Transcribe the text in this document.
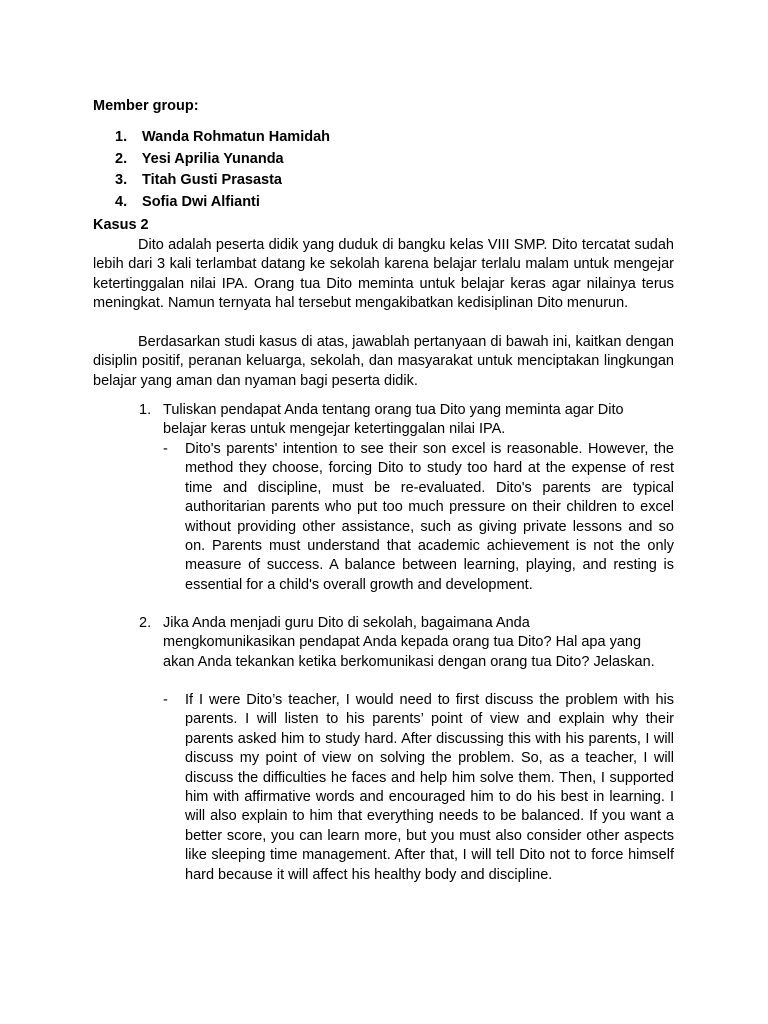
Member group:

1. Wanda Rohmatun Hamidah
2. Yesi Aprilia Yunanda
3. Titah Gusti Prasasta
4. Sofia Dwi Alfianti

Kasus 2

Dito adalah peserta didik yang duduk di bangku kelas VIII SMP. Dito tercatat sudah lebih dari 3 kali terlambat datang ke sekolah karena belajar terlalu malam untuk mengejar ketertinggalan nilai IPA. Orang tua Dito meminta untuk belajar keras agar nilainya terus meningkat. Namun ternyata hal tersebut mengakibatkan kedisiplinan Dito menurun.

Berdasarkan studi kasus di atas, jawablah pertanyaan di bawah ini, kaitkan dengan disiplin positif, peranan keluarga, sekolah, dan masyarakat untuk menciptakan lingkungan belajar yang aman dan nyaman bagi peserta didik.

1. Tuliskan pendapat Anda tentang orang tua Dito yang meminta agar Dito belajar keras untuk mengejar ketertinggalan nilai IPA.
- Dito's parents' intention to see their son excel is reasonable. However, the method they choose, forcing Dito to study too hard at the expense of rest time and discipline, must be re-evaluated. Dito's parents are typical authoritarian parents who put too much pressure on their children to excel without providing other assistance, such as giving private lessons and so on. Parents must understand that academic achievement is not the only measure of success. A balance between learning, playing, and resting is essential for a child's overall growth and development.
2. Jika Anda menjadi guru Dito di sekolah, bagaimana Anda mengkomunikasikan pendapat Anda kepada orang tua Dito? Hal apa yang akan Anda tekankan ketika berkomunikasi dengan orang tua Dito? Jelaskan.
- If I were Dito’s teacher, I would need to first discuss the problem with his parents. I will listen to his parents’ point of view and explain why their parents asked him to study hard. After discussing this with his parents, I will discuss my point of view on solving the problem. So, as a teacher, I will discuss the difficulties he faces and help him solve them. Then, I supported him with affirmative words and encouraged him to do his best in learning. I will also explain to him that everything needs to be balanced. If you want a better score, you can learn more, but you must also consider other aspects like sleeping time management. After that, I will tell Dito not to force himself hard because it will affect his healthy body and discipline.
